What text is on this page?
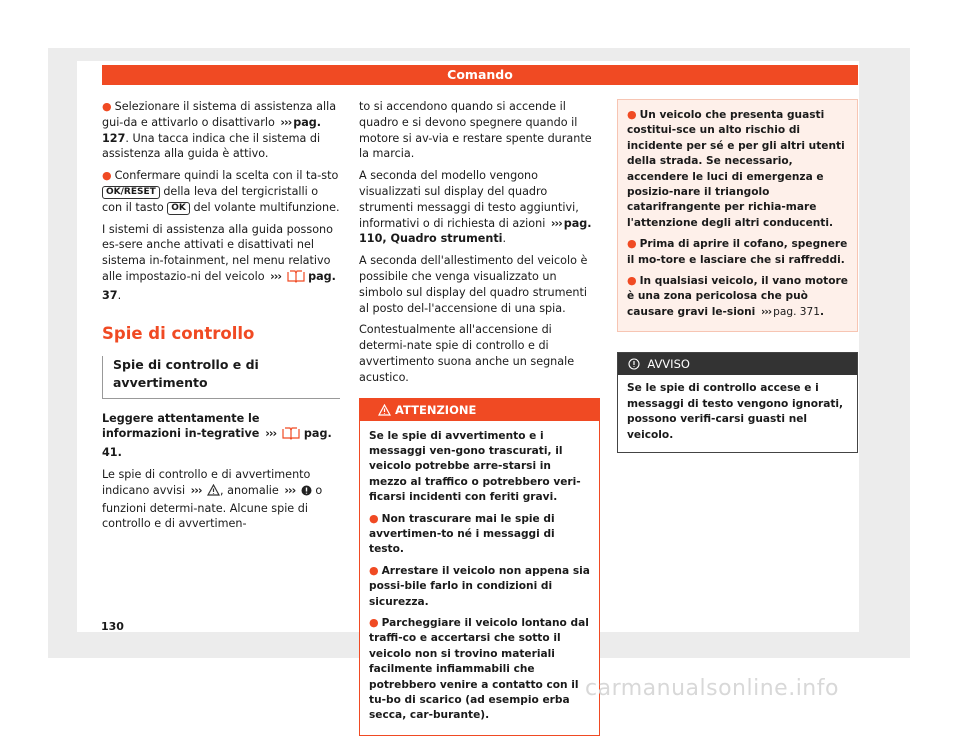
Comando

● Selezionare il sistema di assistenza alla gui-da e attivarlo o disattivarlo ››› pag. 127. Una tacca indica che il sistema di assistenza alla guida è attivo.

● Confermare quindi la scelta con il ta-sto OK/RESET della leva del tergicristalli o con il tasto OK del volante multifunzione.

I sistemi di assistenza alla guida possono es-sere anche attivati e disattivati nel sistema in-fotainment, nel menu relativo alle impostazio-ni del veicolo ››› pag. 37.

Spie di controllo
Spie di controllo e di avvertimento

Leggere attentamente le informazioni in-tegrative ››› pag. 41.

Le spie di controllo e di avvertimento indicano avvisi ››› , anomalie ››› o funzioni determi-nate. Alcune spie di controllo e di avvertimen-

to si accendono quando si accende il quadro e si devono spegnere quando il motore si av-via e restare spente durante la marcia.

A seconda del modello vengono visualizzati sul display del quadro strumenti messaggi di testo aggiuntivi, informativi o di richiesta di azioni ››› pag. 110, Quadro strumenti.

A seconda dell'allestimento del veicolo è possibile che venga visualizzato un simbolo sul display del quadro strumenti al posto del-l'accensione di una spia.

Contestualmente all'accensione di determi-nate spie di controllo e di avvertimento suona anche un segnale acustico.

ATTENZIONE

Se le spie di avvertimento e i messaggi ven-gono trascurati, il veicolo potrebbe arre-starsi in mezzo al traffico o potrebbero veri-ficarsi incidenti con feriti gravi.

● Non trascurare mai le spie di avvertimen-to né i messaggi di testo.

● Arrestare il veicolo non appena sia possi-bile farlo in condizioni di sicurezza.

● Parcheggiare il veicolo lontano dal traffi-co e accertarsi che sotto il veicolo non si trovino materiali facilmente infiammabili che potrebbero venire a contatto con il tu-bo di scarico (ad esempio erba secca, car-burante).

● Un veicolo che presenta guasti costitui-sce un alto rischio di incidente per sé e per gli altri utenti della strada. Se necessario, accendere le luci di emergenza e posizio-nare il triangolo catarifrangente per richia-mare l'attenzione degli altri conducenti.

● Prima di aprire il cofano, spegnere il mo-tore e lasciare che si raffreddi.

● In qualsiasi veicolo, il vano motore è una zona pericolosa che può causare gravi le-sioni ››› pag. 371.

AVVISO
Se le spie di controllo accese e i messaggi di testo vengono ignorati, possono verifi-carsi guasti nel veicolo.
130
carmanualsonline.info
